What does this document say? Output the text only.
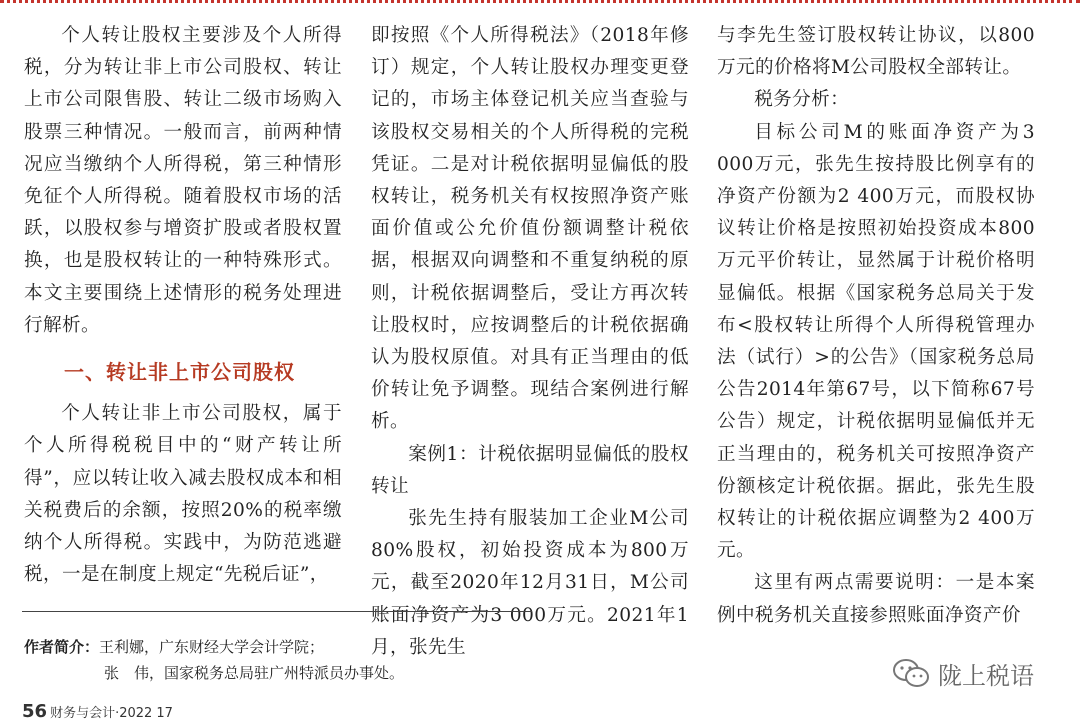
个人转让股权主要涉及个人所得税，分为转让非上市公司股权、转让上市公司限售股、转让二级市场购入股票三种情况。一般而言，前两种情况应当缴纳个人所得税，第三种情形免征个人所得税。随着股权市场的活跃，以股权参与增资扩股或者股权置换，也是股权转让的一种特殊形式。本文主要围绕上述情形的税务处理进行解析。

一、转让非上市公司股权

个人转让非上市公司股权，属于个人所得税税目中的“财产转让所得”，应以转让收入减去股权成本和相关税费后的余额，按照20%的税率缴纳个人所得税。实践中，为防范逃避税，一是在制度上规定“先税后证”，

即按照《个人所得税法》（2018年修订）规定，个人转让股权办理变更登记的，市场主体登记机关应当查验与该股权交易相关的个人所得税的完税凭证。二是对计税依据明显偏低的股权转让，税务机关有权按照净资产账面价值或公允价值份额调整计税依据，根据双向调整和不重复纳税的原则，计税依据调整后，受让方再次转让股权时，应按调整后的计税依据确认为股权原值。对具有正当理由的低价转让免予调整。现结合案例进行解析。

案例1：计税依据明显偏低的股权转让

张先生持有服装加工企业M公司80%股权，初始投资成本为800万元，截至2020年12月31日，M公司账面净资产为3 000万元。2021年1月，张先生

与李先生签订股权转让协议，以800万元的价格将M公司股权全部转让。

税务分析：

目标公司M的账面净资产为3 000万元，张先生按持股比例享有的净资产份额为2 400万元，而股权协议转让价格是按照初始投资成本800万元平价转让，显然属于计税价格明显偏低。根据《国家税务总局关于发布<股权转让所得个人所得税管理办法（试行）>的公告》（国家税务总局公告2014年第67号，以下简称67号公告）规定，计税依据明显偏低并无正当理由的，税务机关可按照净资产份额核定计税依据。据此，张先生股权转让的计税依据应调整为2 400万元。

这里有两点需要说明：一是本案例中税务机关直接参照账面净资产价

作者简介：王利娜，广东财经大学会计学院；
张　伟，国家税务总局驻广州特派员办事处。
56 财务与会计·2022 17
陇上税语
